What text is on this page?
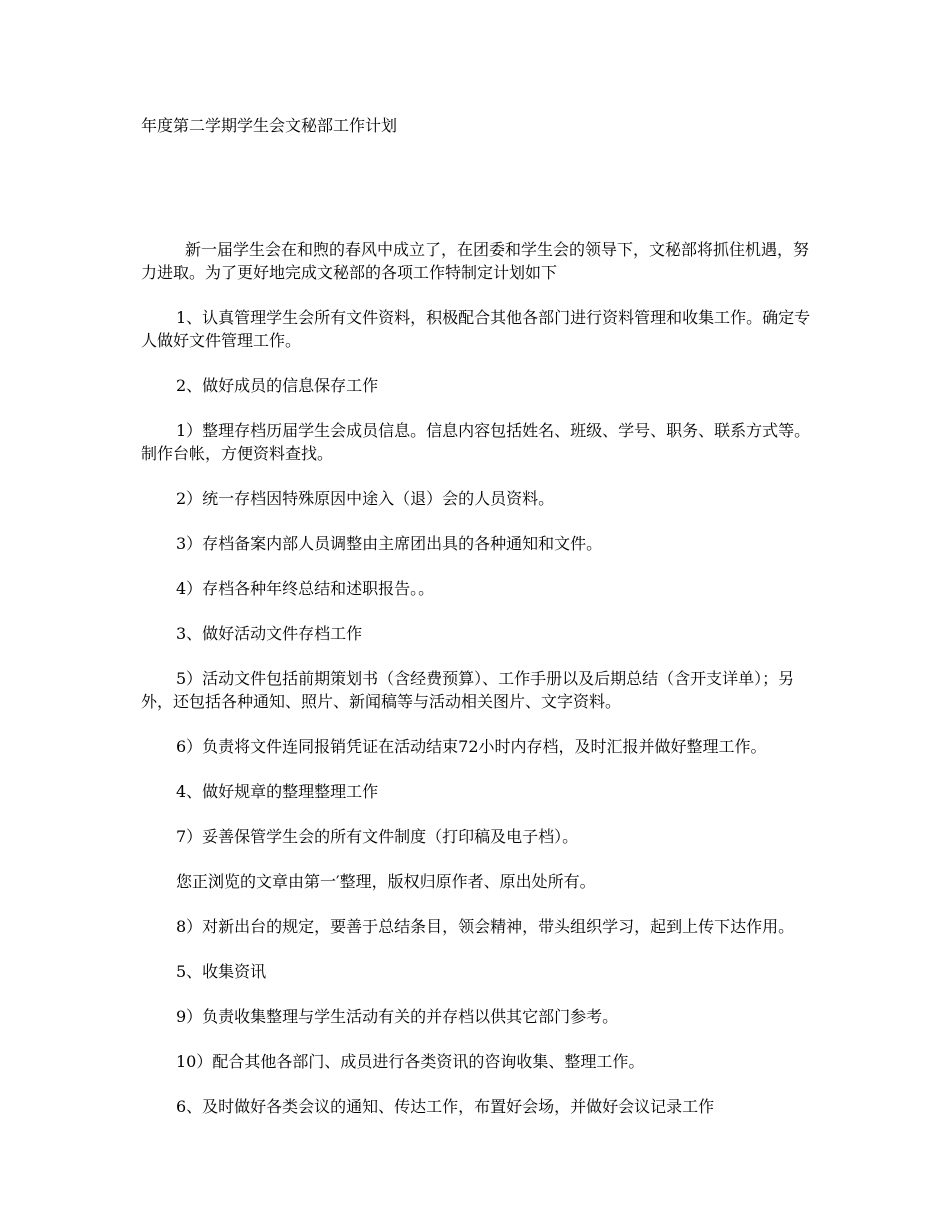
年度第二学期学生会文秘部工作计划

新一届学生会在和煦的春风中成立了，在团委和学生会的领导下，文秘部将抓住机遇，努力进取。为了更好地完成文秘部的各项工作特制定计划如下

1、认真管理学生会所有文件资料，积极配合其他各部门进行资料管理和收集工作。确定专人做好文件管理工作。

2、做好成员的信息保存工作

1）整理存档历届学生会成员信息。信息内容包括姓名、班级、学号、职务、联系方式等。制作台帐，方便资料查找。

2）统一存档因特殊原因中途入（退）会的人员资料。

3）存档备案内部人员调整由主席团出具的各种通知和文件。

4）存档各种年终总结和述职报告。。

3、做好活动文件存档工作

5）活动文件包括前期策划书（含经费预算）、工作手册以及后期总结（含开支详单）；另外，还包括各种通知、照片、新闻稿等与活动相关图片、文字资料。

6）负责将文件连同报销凭证在活动结束72小时内存档，及时汇报并做好整理工作。

4、做好规章的整理整理工作

7）妥善保管学生会的所有文件制度（打印稿及电子档）。

您正浏览的文章由第一′整理，版权归原作者、原出处所有。

8）对新出台的规定，要善于总结条目，领会精神，带头组织学习，起到上传下达作用。

5、收集资讯

9）负责收集整理与学生活动有关的并存档以供其它部门参考。

10）配合其他各部门、成员进行各类资讯的咨询收集、整理工作。

6、及时做好各类会议的通知、传达工作，布置好会场，并做好会议记录工作
